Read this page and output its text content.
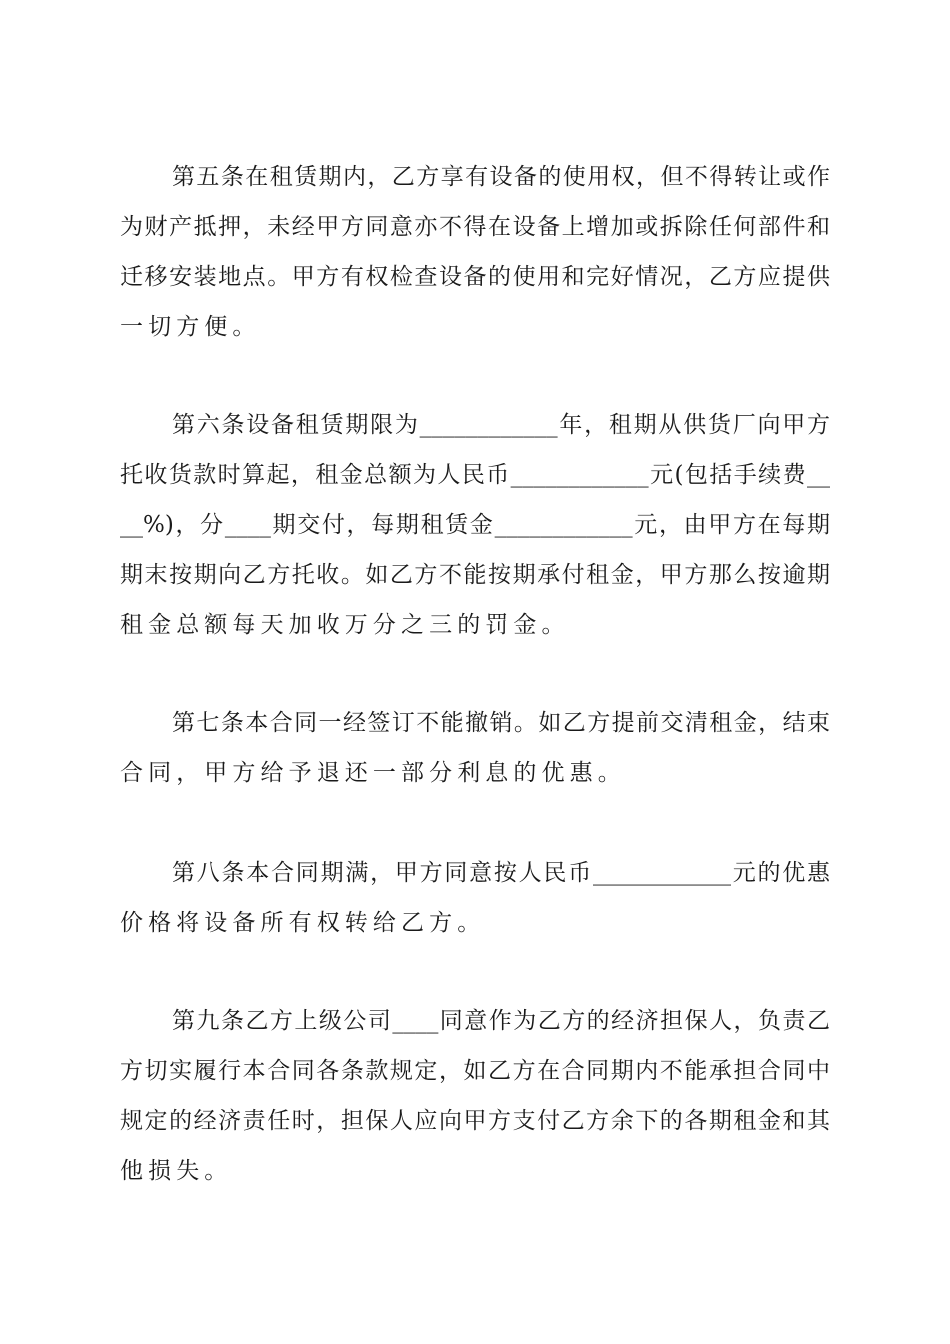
第五条在租赁期内，乙方享有设备的使用权，但不得转让或作
为财产抵押，未经甲方同意亦不得在设备上增加或拆除任何部件和
迁移安装地点。甲方有权检查设备的使用和完好情况，乙方应提供
一切方便。
第六条设备租赁期限为____________年，租期从供货厂向甲方
托收货款时算起，租金总额为人民币____________元(包括手续费__
__%)，分____期交付，每期租赁金____________元，由甲方在每期
期末按期向乙方托收。如乙方不能按期承付租金，甲方那么按逾期
租金总额每天加收万分之三的罚金。
第七条本合同一经签订不能撤销。如乙方提前交清租金，结束
合同，甲方给予退还一部分利息的优惠。
第八条本合同期满，甲方同意按人民币____________元的优惠
价格将设备所有权转给乙方。
第九条乙方上级公司____同意作为乙方的经济担保人，负责乙
方切实履行本合同各条款规定，如乙方在合同期内不能承担合同中
规定的经济责任时，担保人应向甲方支付乙方余下的各期租金和其
他损失。
